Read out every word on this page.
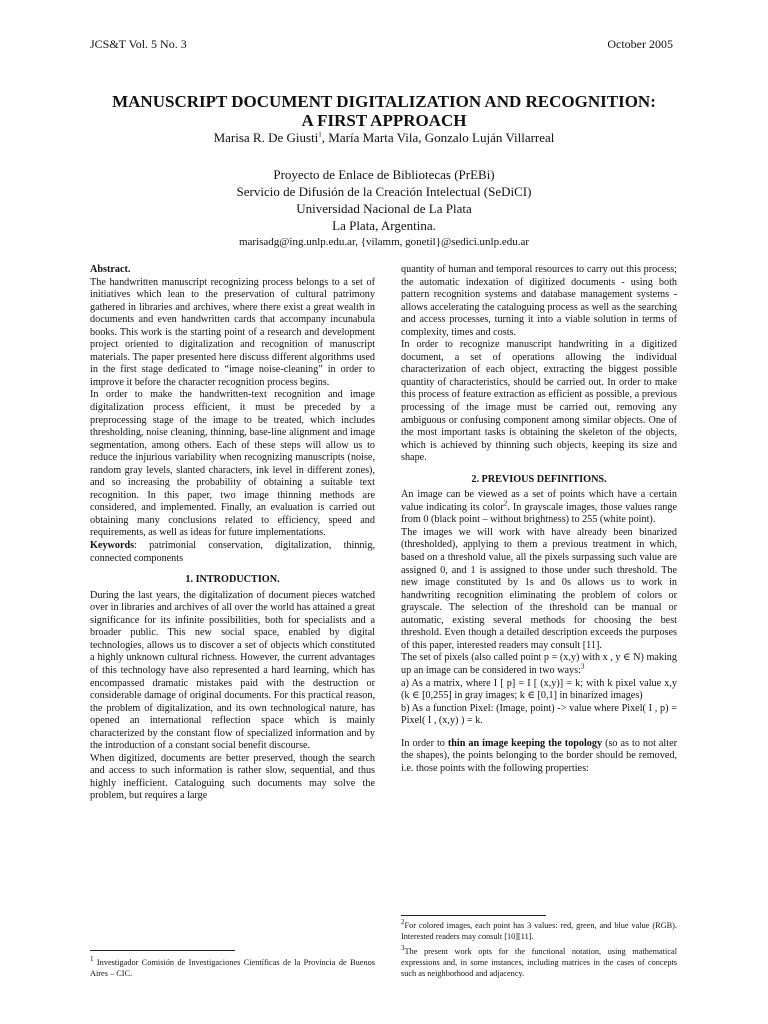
JCS&T Vol. 5 No. 3	October 2005
MANUSCRIPT DOCUMENT DIGITALIZATION AND RECOGNITION:
A FIRST APPROACH
Marisa R. De Giusti$^1$, María Marta Vila, Gonzalo Luján Villarreal
Proyecto de Enlace de Bibliotecas (PrEBi)
Servicio de Difusión de la Creación Intelectual (SeDiCI)
Universidad Nacional de La Plata
La Plata, Argentina.
marisadg@ing.unlp.edu.ar, {vilamm, gonetil}@sedici.unlp.edu.ar

Abstract.

The handwritten manuscript recognizing process belongs to a set of initiatives which lean to the preservation of cultural patrimony gathered in libraries and archives, where there exist a great wealth in documents and even handwritten cards that accompany incunabula books. This work is the starting point of a research and development project oriented to digitalization and recognition of manuscript materials. The paper presented here discuss different algorithms used in the first stage dedicated to “image noise-cleaning” in order to improve it before the character recognition process begins.

In order to make the handwritten-text recognition and image digitalization process efficient, it must be preceded by a preprocessing stage of the image to be treated, which includes thresholding, noise cleaning, thinning, base-line alignment and image segmentation, among others. Each of these steps will allow us to reduce the injurious variability when recognizing manuscripts (noise, random gray levels, slanted characters, ink level in different zones), and so increasing the probability of obtaining a suitable text recognition. In this paper, two image thinning methods are considered, and implemented. Finally, an evaluation is carried out obtaining many conclusions related to efficiency, speed and requirements, as well as ideas for future implementations.

Keywords: patrimonial conservation, digitalization, thinnig, connected components

1. INTRODUCTION.

During the last years, the digitalization of document pieces watched over in libraries and archives of all over the world has attained a great significance for its infinite possibilities, both for specialists and a broader public. This new social space, enabled by digital technologies, allows us to discover a set of objects which constituted a highly unknown cultural richness. However, the current advantages of this technology have also represented a hard learning, which has encompassed dramatic mistakes paid with the destruction or considerable damage of original documents. For this practical reason, the problem of digitalization, and its own technological nature, has opened an international reflection space which is mainly characterized by the constant flow of specialized information and by the introduction of a constant social benefit discourse.

When digitized, documents are better preserved, though the search and access to such information is rather slow, sequential, and thus highly inefficient. Cataloguing such documents may solve the problem, but requires a large

$^1$ Investigador Comisión de Investigaciones Científicas de la Provincia de Buenos Aires – CIC.

quantity of human and temporal resources to carry out this process; the automatic indexation of digitized documents - using both pattern recognition systems and database management systems - allows accelerating the cataloguing process as well as the searching and access processes, turning it into a viable solution in terms of complexity, times and costs.

In order to recognize manuscript handwriting in a digitized document, a set of operations allowing the individual characterization of each object, extracting the biggest possible quantity of characteristics, should be carried out. In order to make this process of feature extraction as efficient as possible, a previous processing of the image must be carried out, removing any ambiguous or confusing component among similar objects. One of the most important tasks is obtaining the skeleton of the objects, which is achieved by thinning such objects, keeping its size and shape.

2. PREVIOUS DEFINITIONS.

An image can be viewed as a set of points which have a certain value indicating its color$^2$. In grayscale images, those values range from 0 (black point – without brightness) to 255 (white point).

The images we will work with have already been binarized (thresholded), applying to them a previous treatment in which, based on a threshold value, all the pixels surpassing such value are assigned 0, and 1 is assigned to those under such threshold. The new image constituted by 1s and 0s allows us to work in handwriting recognition eliminating the problem of colors or grayscale. The selection of the threshold can be manual or automatic, existing several methods for choosing the best threshold. Even though a detailed description exceeds the purposes of this paper, interested readers may consult [11].

The set of pixels (also called point p = (x,y) with x , y ∈ N) making up an image can be considered in two ways:$^3$

a) As a matrix, where I [ p] = I [ (x,y)] = k; with k pixel value x,y (k ∈ [0,255] in gray images; k ∈ [0,1] in binarized images)

b) As a function Pixel: (Image, point) -> value where Pixel( I , p) = Pixel( I , (x,y) ) = k.

In order to thin an image keeping the topology (so as to not alter the shapes), the points belonging to the border should be removed, i.e. those points with the following properties:

$^2$For colored images, each point has 3 values: red, green, and blue value (RGB). Interested readers may consult [10][11].

$^3$The present work opts for the functional notation, using mathematical expressions and, in some instances, including matrices in the cases of concepts such as neighborhood and adjacency.
